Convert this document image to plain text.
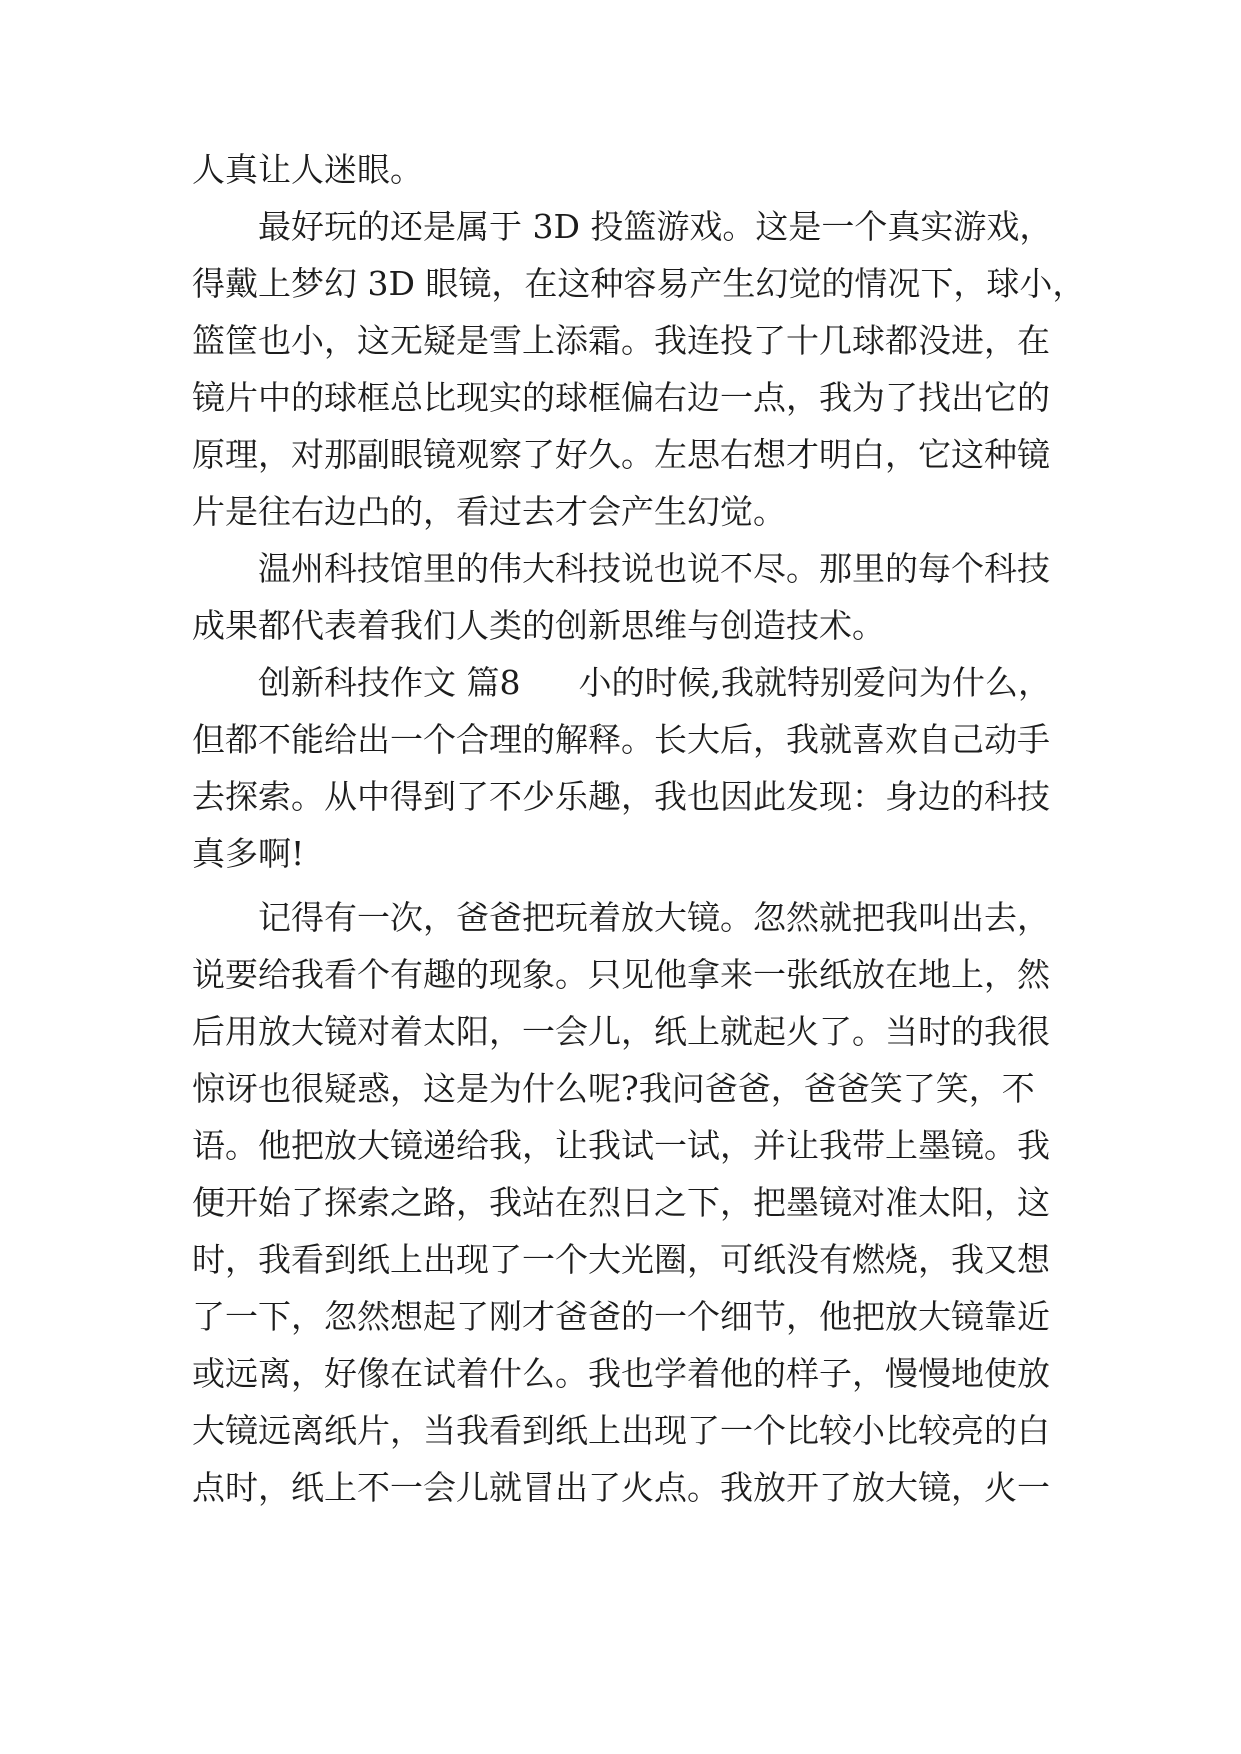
人真让人迷眼。
最好玩的还是属于 3D 投篮游戏。这是一个真实游戏，
得戴上梦幻 3D 眼镜，在这种容易产生幻觉的情况下，球小，
篮筐也小，这无疑是雪上添霜。我连投了十几球都没进，在
镜片中的球框总比现实的球框偏右边一点，我为了找出它的
原理，对那副眼镜观察了好久。左思右想才明白，它这种镜
片是往右边凸的，看过去才会产生幻觉。
温州科技馆里的伟大科技说也说不尽。那里的每个科技
成果都代表着我们人类的创新思维与创造技术。
创新科技作文 篇8 小的时候,我就特别爱问为什么，
但都不能给出一个合理的解释。长大后，我就喜欢自己动手
去探索。从中得到了不少乐趣，我也因此发现：身边的科技
真多啊!
记得有一次，爸爸把玩着放大镜。忽然就把我叫出去，
说要给我看个有趣的现象。只见他拿来一张纸放在地上，然
后用放大镜对着太阳，一会儿，纸上就起火了。当时的我很
惊讶也很疑惑，这是为什么呢?我问爸爸，爸爸笑了笑，不
语。他把放大镜递给我，让我试一试，并让我带上墨镜。我
便开始了探索之路，我站在烈日之下，把墨镜对准太阳，这
时，我看到纸上出现了一个大光圈，可纸没有燃烧，我又想
了一下，忽然想起了刚才爸爸的一个细节，他把放大镜靠近
或远离，好像在试着什么。我也学着他的样子，慢慢地使放
大镜远离纸片，当我看到纸上出现了一个比较小比较亮的白
点时，纸上不一会儿就冒出了火点。我放开了放大镜，火一
